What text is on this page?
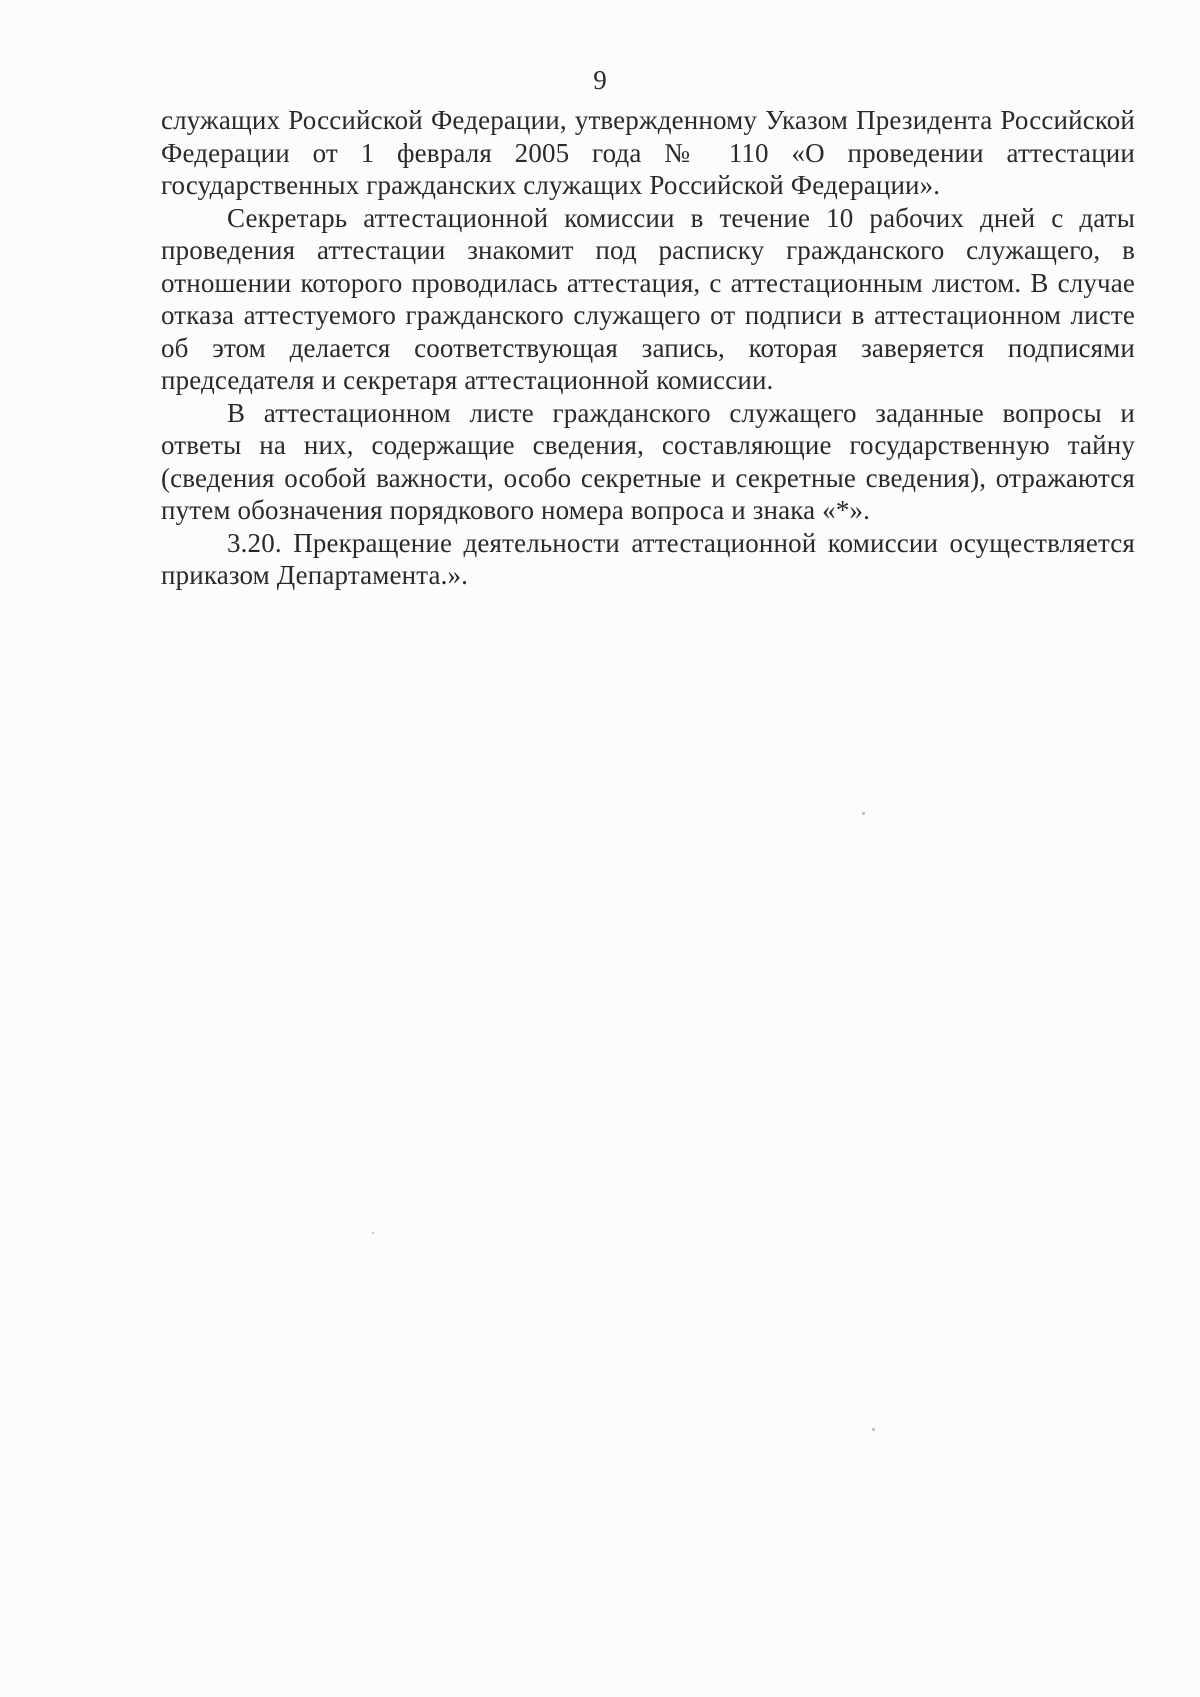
9

служащих Российской Федерации, утвержденному Указом Президента Российской Федерации от 1 февраля 2005 года № 110 «О проведении аттестации государственных гражданских служащих Российской Федерации».

Секретарь аттестационной комиссии в течение 10 рабочих дней с даты проведения аттестации знакомит под расписку гражданского служащего, в отношении которого проводилась аттестация, с аттестационным листом. В случае отказа аттестуемого гражданского служащего от подписи в аттестационном листе об этом делается соответствующая запись, которая заверяется подписями председателя и секретаря аттестационной комиссии.

В аттестационном листе гражданского служащего заданные вопросы и ответы на них, содержащие сведения, составляющие государственную тайну (сведения особой важности, особо секретные и секретные сведения), отражаются путем обозначения порядкового номера вопроса и знака «*».

3.20. Прекращение деятельности аттестационной комиссии осуществляется приказом Департамента.».
